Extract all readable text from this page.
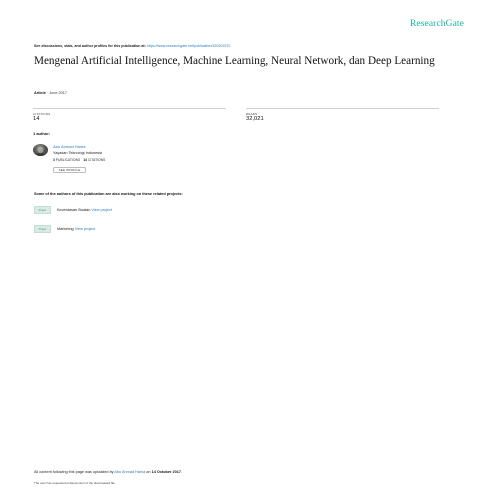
ResearchGate
See discussions, stats, and author profiles for this publication at: https://www.researchgate.net/publication/320201570
Mengenal Artificial Intelligence, Machine Learning, Neural Network, dan Deep Learning
Article · June 2017
CITATIONS
14
READS
32,021
1 author:
Abu Ahmad Hama
Yayasan Teknologi Indonesia
3 PUBLICATIONS 14 CITATIONS
SEE PROFILE
Some of the authors of this publication are also working on these related projects:
Project	Kecerdasan Buatan View project
Project	Marketing View project
All content following this page was uploaded by Abu Ahmad Hama on 14 October 2017.
The user has requested enhancement of the downloaded file.
